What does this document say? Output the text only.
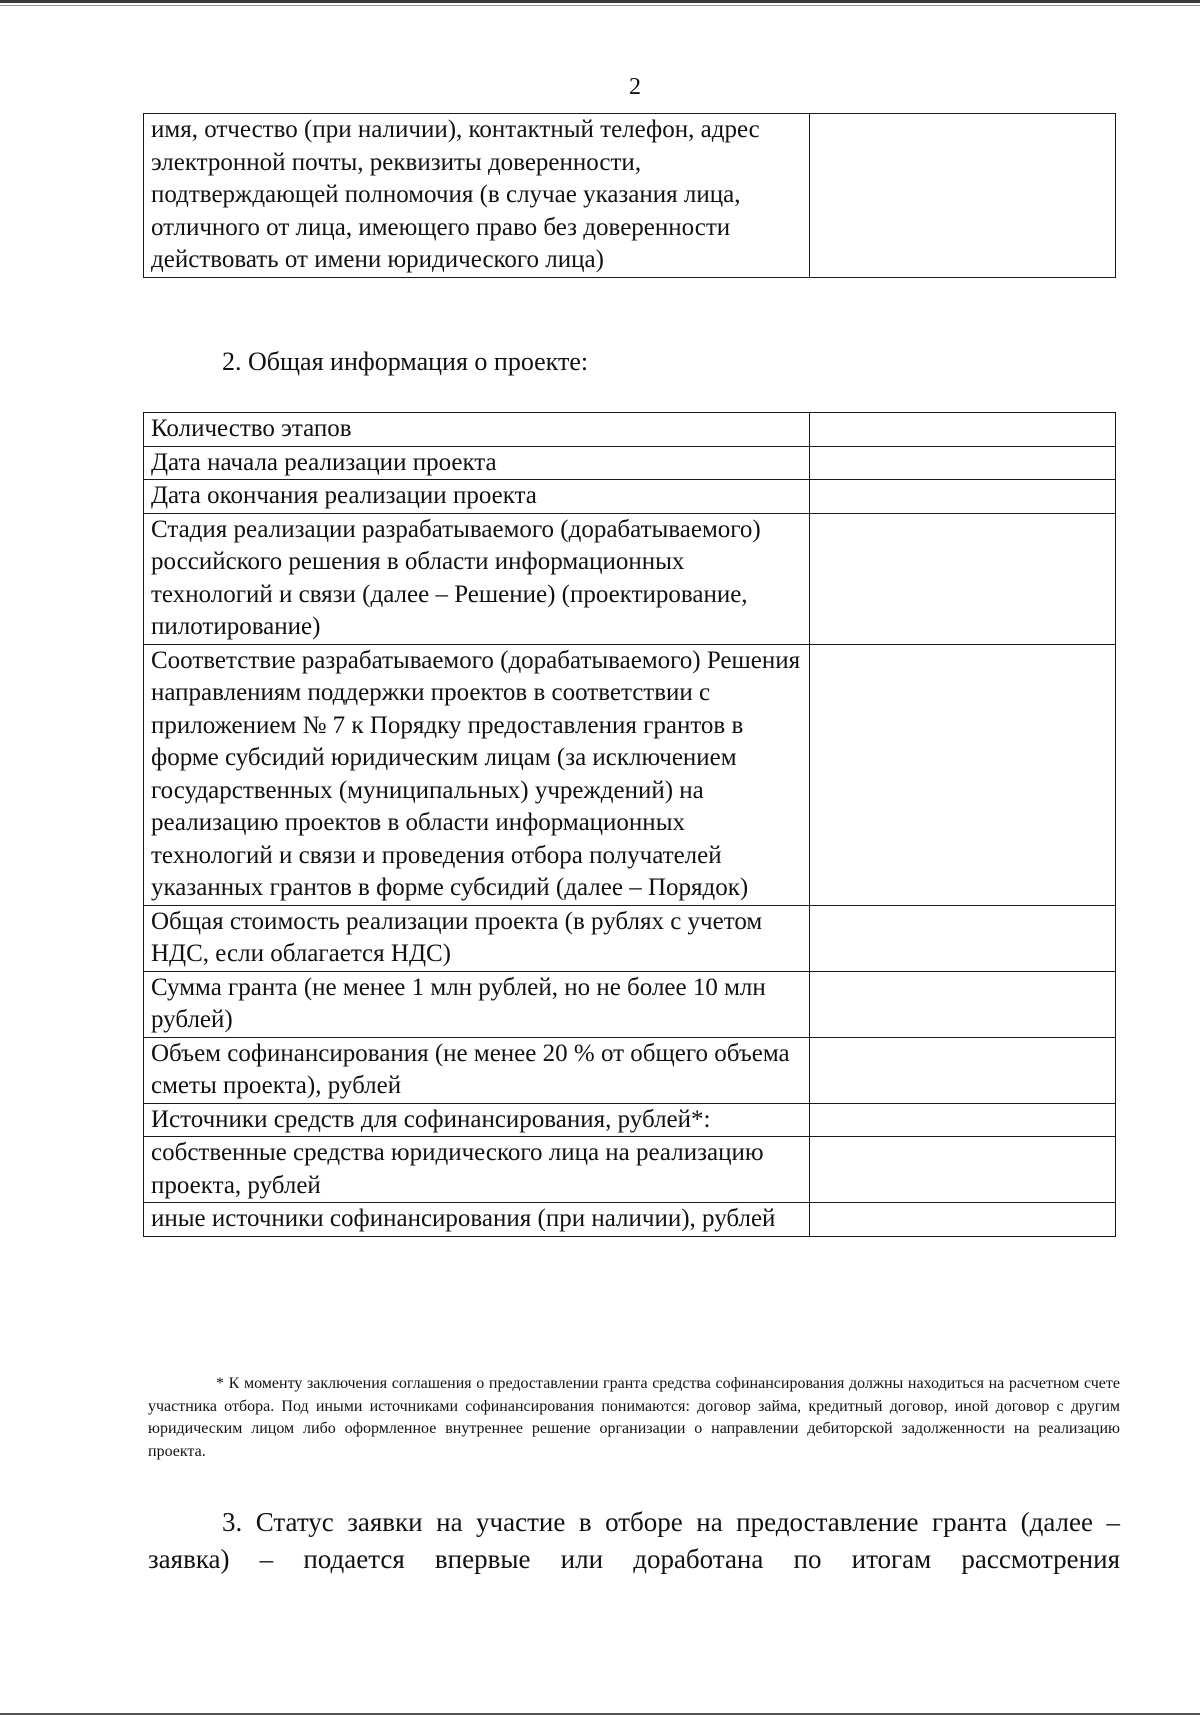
2
имя, отчество (при наличии), контактный телефон, адрес электронной почты, реквизиты доверенности, подтверждающей полномочия (в случае указания лица, отличного от лица, имеющего право без доверенности действовать от имени юридического лица)	
2. Общая информация о проекте:
Количество этапов	
Дата начала реализации проекта	
Дата окончания реализации проекта	
Стадия реализации разрабатываемого (дорабатываемого) российского решения в области информационных технологий и связи (далее – Решение) (проектирование, пилотирование)	
Соответствие разрабатываемого (дорабатываемого) Решения направлениям поддержки проектов в соответствии с приложением № 7 к Порядку предоставления грантов в форме субсидий юридическим лицам (за исключением государственных (муниципальных) учреждений) на реализацию проектов в области информационных технологий и связи и проведения отбора получателей указанных грантов в форме субсидий (далее – Порядок)	
Общая стоимость реализации проекта (в рублях с учетом НДС, если облагается НДС)	
Сумма гранта (не менее 1 млн рублей, но не более 10 млн рублей)	
Объем софинансирования (не менее 20 % от общего объема сметы проекта), рублей	
Источники средств для софинансирования, рублей*:	
собственные средства юридического лица на реализацию проекта, рублей	
иные источники софинансирования (при наличии), рублей	
* К моменту заключения соглашения о предоставлении гранта средства софинансирования должны находиться на расчетном счете участника отбора. Под иными источниками софинансирования понимаются: договор займа, кредитный договор, иной договор с другим юридическим лицом либо оформленное внутреннее решение организации о направлении дебиторской задолженности на реализацию проекта.
3. Статус заявки на участие в отборе на предоставление гранта (далее – заявка) – подается впервые или доработана по итогам рассмотрения
